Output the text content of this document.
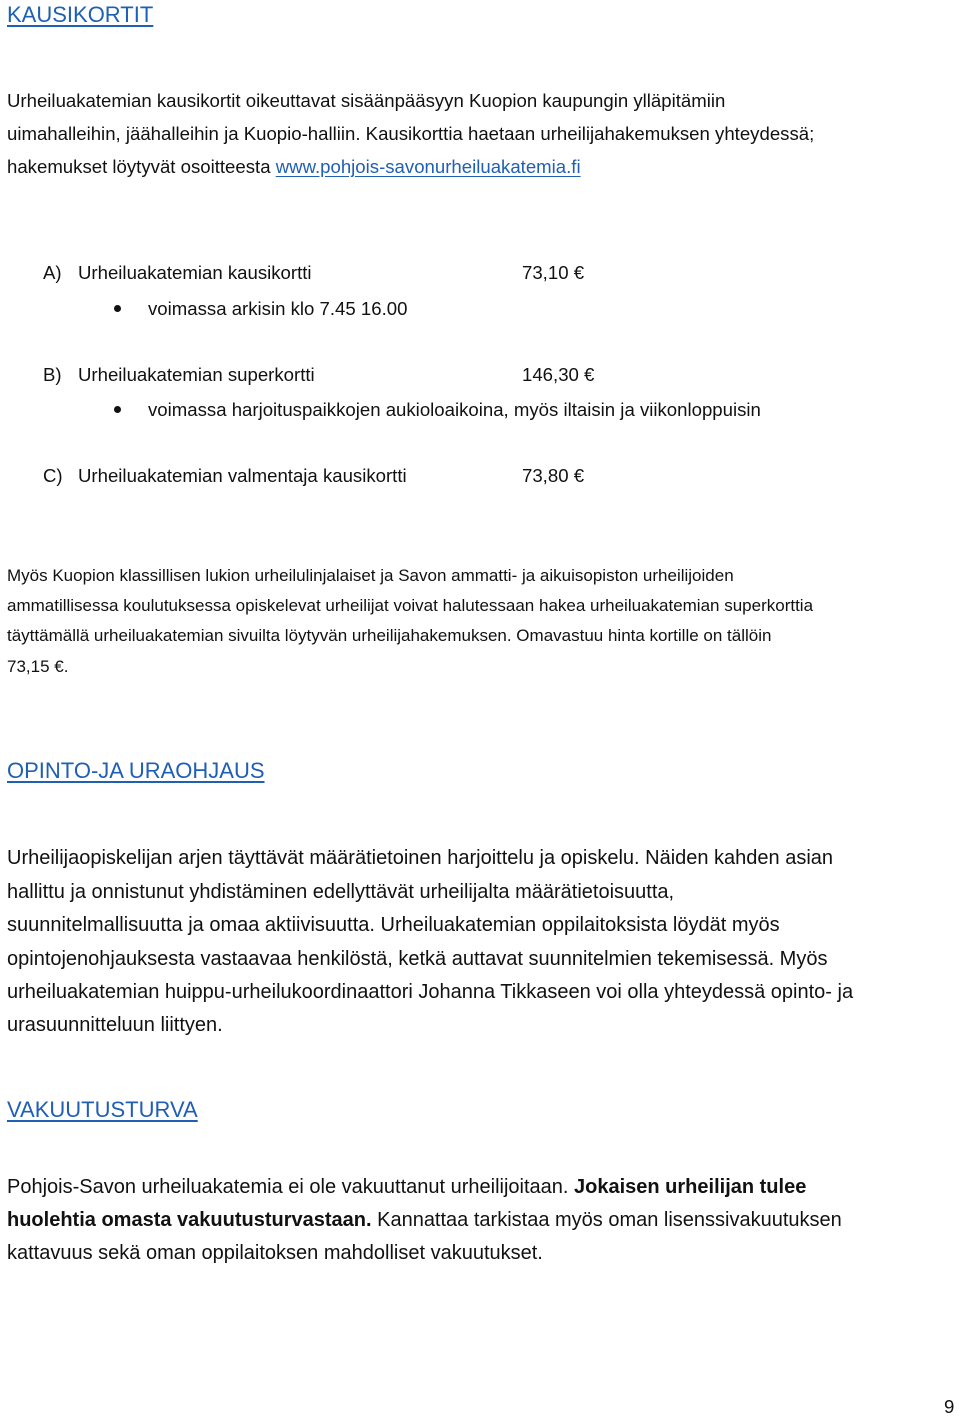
KAUSIKORTIT
Urheiluakatemian kausikortit oikeuttavat sisäänpääsyyn Kuopion kaupungin ylläpitämiin
uimahalleihin, jäähalleihin ja Kuopio-halliin. Kausikorttia haetaan urheilijahakemuksen yhteydessä;
hakemukset löytyvät osoitteesta www.pohjois-savonurheiluakatemia.fi
A) Urheiluakatemian kausikortti	73,10 €
voimassa arkisin klo 7.45 16.00
B) Urheiluakatemian superkortti	146,30 €
voimassa harjoituspaikkojen aukioloaikoina, myös iltaisin ja viikonloppuisin
C) Urheiluakatemian valmentaja kausikortti	73,80 €
Myös Kuopion klassillisen lukion urheilulinjalaiset ja Savon ammatti- ja aikuisopiston urheilijoiden
ammatillisessa koulutuksessa opiskelevat urheilijat voivat halutessaan hakea urheiluakatemian superkorttia
täyttämällä urheiluakatemian sivuilta löytyvän urheilijahakemuksen. Omavastuu hinta kortille on tällöin
73,15 €.
OPINTO-JA URAOHJAUS
Urheilijaopiskelijan arjen täyttävät määrätietoinen harjoittelu ja opiskelu. Näiden kahden asian
hallittu ja onnistunut yhdistäminen edellyttävät urheilijalta määrätietoisuutta,
suunnitelmallisuutta ja omaa aktiivisuutta. Urheiluakatemian oppilaitoksista löydät myös
opintojenohjauksesta vastaavaa henkilöstä, ketkä auttavat suunnitelmien tekemisessä. Myös
urheiluakatemian huippu-urheilukoordinaattori Johanna Tikkaseen voi olla yhteydessä opinto- ja
urasuunnitteluun liittyen.
VAKUUTUSTURVA
Pohjois-Savon urheiluakatemia ei ole vakuuttanut urheilijoitaan. Jokaisen urheilijan tulee
huolehtia omasta vakuutusturvastaan. Kannattaa tarkistaa myös oman lisenssivakuutuksen
kattavuus sekä oman oppilaitoksen mahdolliset vakuutukset.
9
